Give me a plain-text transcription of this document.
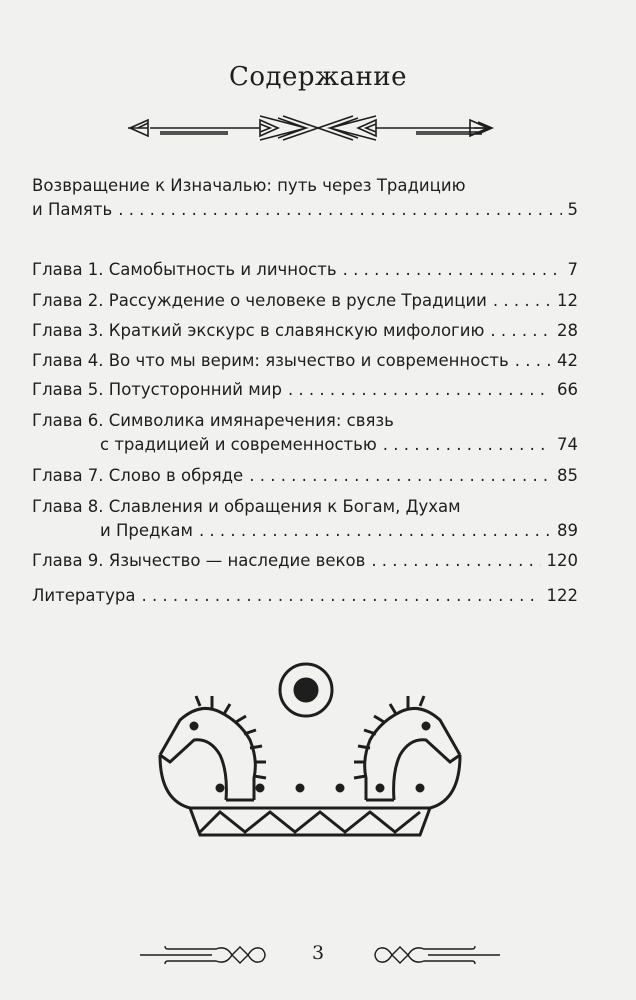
Содержание
Возвращение к Изначалью: путь через Традицию
и Память . . .	5
Глава 1. Самобытность и личность . . .	7
Глава 2. Рассуждение о человеке в русле Традиции . . .	12
Глава 3. Краткий экскурс в славянскую мифологию . . .	28
Глава 4. Во что мы верим: язычество и современность . . .	42
Глава 5. Потусторонний мир . . .	66
Глава 6. Символика имянаречения: связь
с традицией и современностью . . .	74
Глава 7. Слово в обряде . . .	85
Глава 8. Славления и обращения к Богам, Духам
и Предкам . . .	89
Глава 9. Язычество — наследие веков . . .	120
Литература . . .	122
3
